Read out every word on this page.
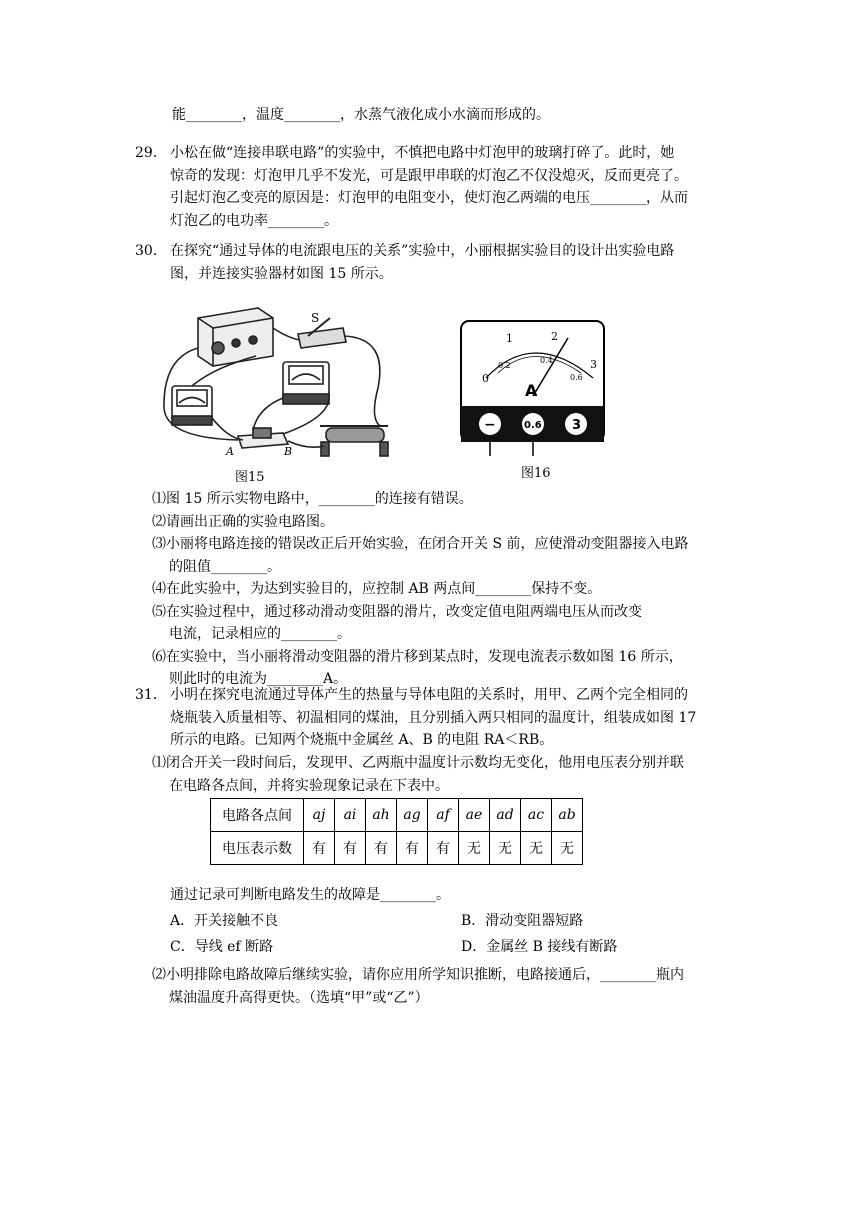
能________，温度________，水蒸气液化成小水滴而形成的。
29． 小松在做“连接串联电路”的实验中，不慎把电路中灯泡甲的玻璃打碎了。此时，她
惊奇的发现：灯泡甲几乎不发光，可是跟甲串联的灯泡乙不仅没熄灭，反而更亮了。
引起灯泡乙变亮的原因是：灯泡甲的电阻变小，使灯泡乙两端的电压________，从而
灯泡乙的电功率________。
30． 在探究“通过导体的电流跟电压的关系”实验中，小丽根据实验目的设计出实验电路
图，并连接实验器材如图 15 所示。
S
A	B
图15
0
1	2
3
0.2
0.4
0.6
A
−	0.6 3
图16
⑴图 15 所示实物电路中，________的连接有错误。
⑵请画出正确的实验电路图。
⑶小丽将电路连接的错误改正后开始实验，在闭合开关 S 前，应使滑动变阻器接入电路
的阻值________。
⑷在此实验中，为达到实验目的，应控制 AB 两点间________保持不变。
⑸在实验过程中，通过移动滑动变阻器的滑片，改变定值电阻两端电压从而改变
电流，记录相应的________。
⑹在实验中，当小丽将滑动变阻器的滑片移到某点时，发现电流表示数如图 16 所示，
则此时的电流为________A。
31． 小明在探究电流通过导体产生的热量与导体电阻的关系时，用甲、乙两个完全相同的
烧瓶装入质量相等、初温相同的煤油，且分别插入两只相同的温度计，组装成如图 17
所示的电路。已知两个烧瓶中金属丝 A、B 的电阻 RA＜RB。
⑴闭合开关一段时间后，发现甲、乙两瓶中温度计示数均无变化，他用电压表分别并联
在电路各点间，并将实验现象记录在下表中。
电路各点间	aj	ai	ah	ag	af	ae	ad	ac	ab
电压表示数	有	有	有	有	有	无	无	无	无
通过记录可判断电路发生的故障是________。
A．开关接触不良	B．滑动变阻器短路
C．导线 ef 断路	D．金属丝 B 接线有断路
⑵小明排除电路故障后继续实验，请你应用所学知识推断，电路接通后，________瓶内
煤油温度升高得更快。（选填“甲”或“乙”）
